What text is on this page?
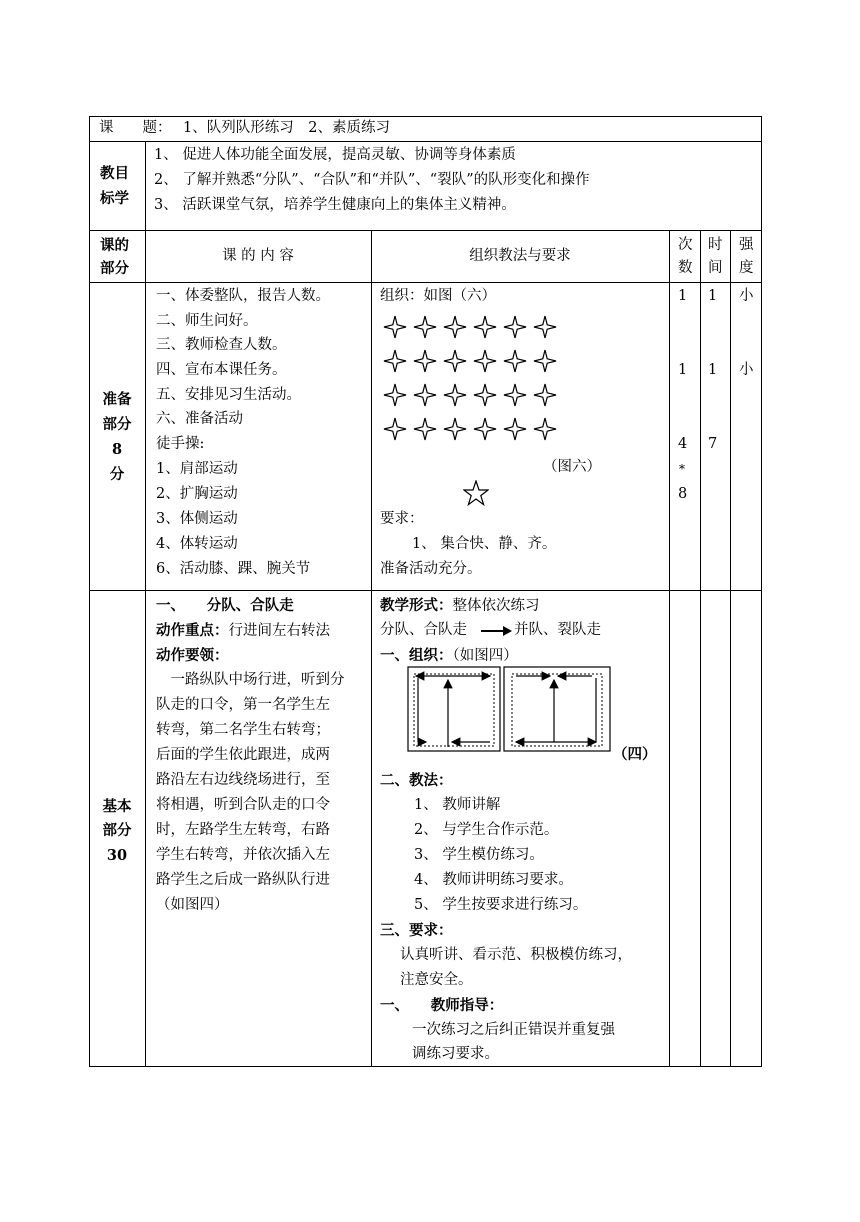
课　　题： 1、队列队形练习　2、素质练习
教目
标学
1、 促进人体功能全面发展，提高灵敏、协调等身体素质
2、 了解并熟悉“分队”、“合队”和“并队”、“裂队”的队形变化和操作
3、 活跃课堂气氛，培养学生健康向上的集体主义精神。
课的
部分
课 的 内 容	组织教法与要求
次
数
时
间
强
度
准备
部分
8
分
一、体委整队，报告人数。
二、师生问好。
三、教师检查人数。
四、宣布本课任务。
五、安排见习生活动。
六、准备活动
徒手操:
1、肩部运动
2、扩胸运动
3、体侧运动
4、体转运动
6、活动膝、踝、腕关节
组织：如图（六）
（图六）
要求：
1、 集合快、静、齐。
准备活动充分。
1
1
4
*
8
1
1
7
小
小
基本
部分
30
一、　　分队、合队走
动作重点：行进间左右转法
动作要领：
　一路纵队中场行进，听到分
队走的口令，第一名学生左
转弯，第二名学生右转弯；
后面的学生依此跟进，成两
路沿左右边线绕场进行，至
将相遇，听到合队走的口令
时，左路学生左转弯，右路
学生右转弯，并依次插入左
路学生之后成一路纵队行进
（如图四）
教学形式：整体依次练习
分队、合队走	并队、裂队走
一、组织：（如图四）
（四）
二、教法：
1、 教师讲解
2、 与学生合作示范。
3、 学生模仿练习。
4、 教师讲明练习要求。
5、 学生按要求进行练习。
三、要求：
认真听讲、看示范、积极模仿练习，
注意安全。
一、　　教师指导：
一次练习之后纠正错误并重复强
调练习要求。
